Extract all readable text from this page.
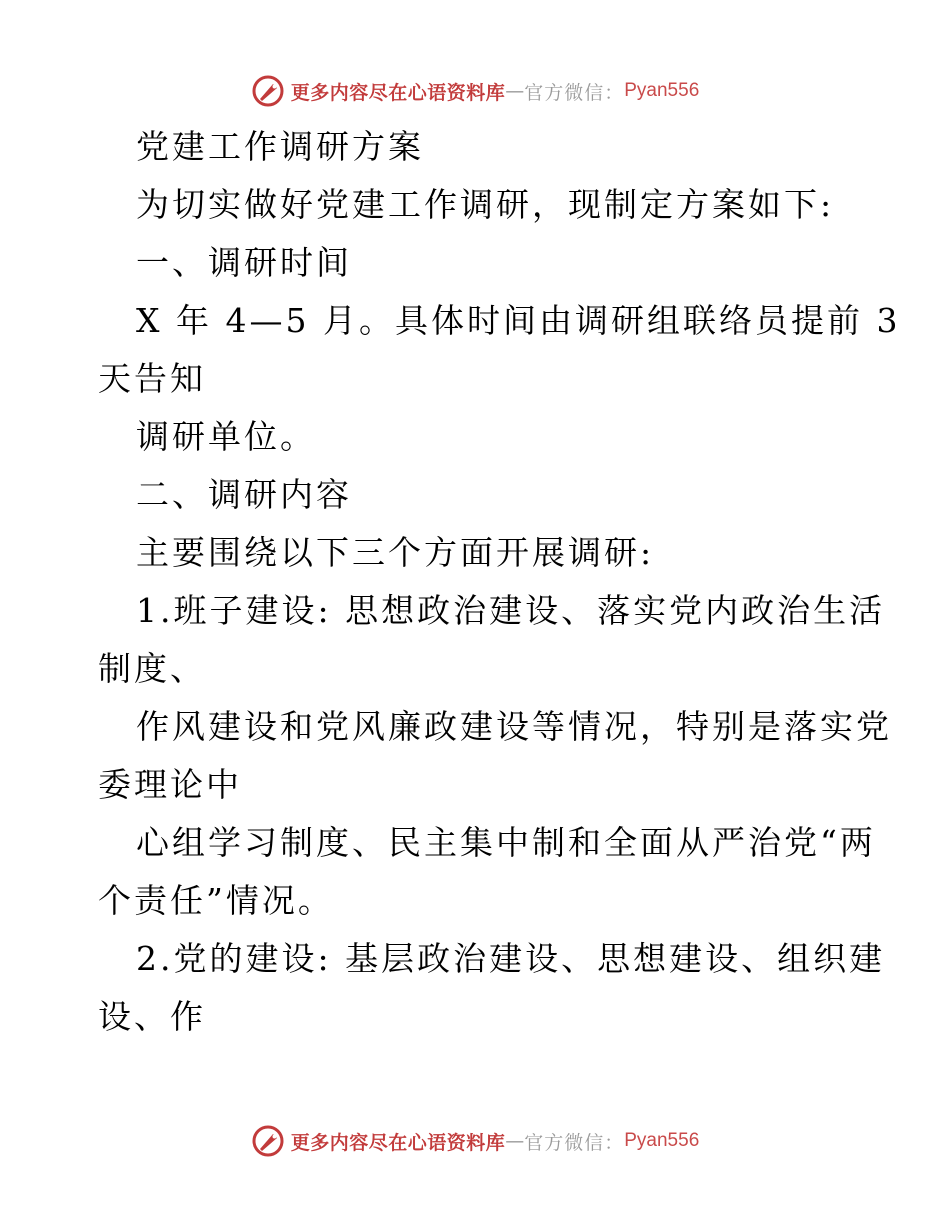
更多内容尽在心语资料库 — 官方微信： Pyan556
党建工作调研方案
为切实做好党建工作调研，现制定方案如下:
一、调研时间
X 年 4—5 月。具体时间由调研组联络员提前 3
天告知
调研单位。
二、调研内容
主要围绕以下三个方面开展调研:
1.班子建设: 思想政治建设、落实党内政治生活
制度、
作风建设和党风廉政建设等情况，特别是落实党
委理论中
心组学习制度、民主集中制和全面从严治党“两
个责任”情况。
2.党的建设: 基层政治建设、思想建设、组织建
设、作
更多内容尽在心语资料库 — 官方微信： Pyan556
